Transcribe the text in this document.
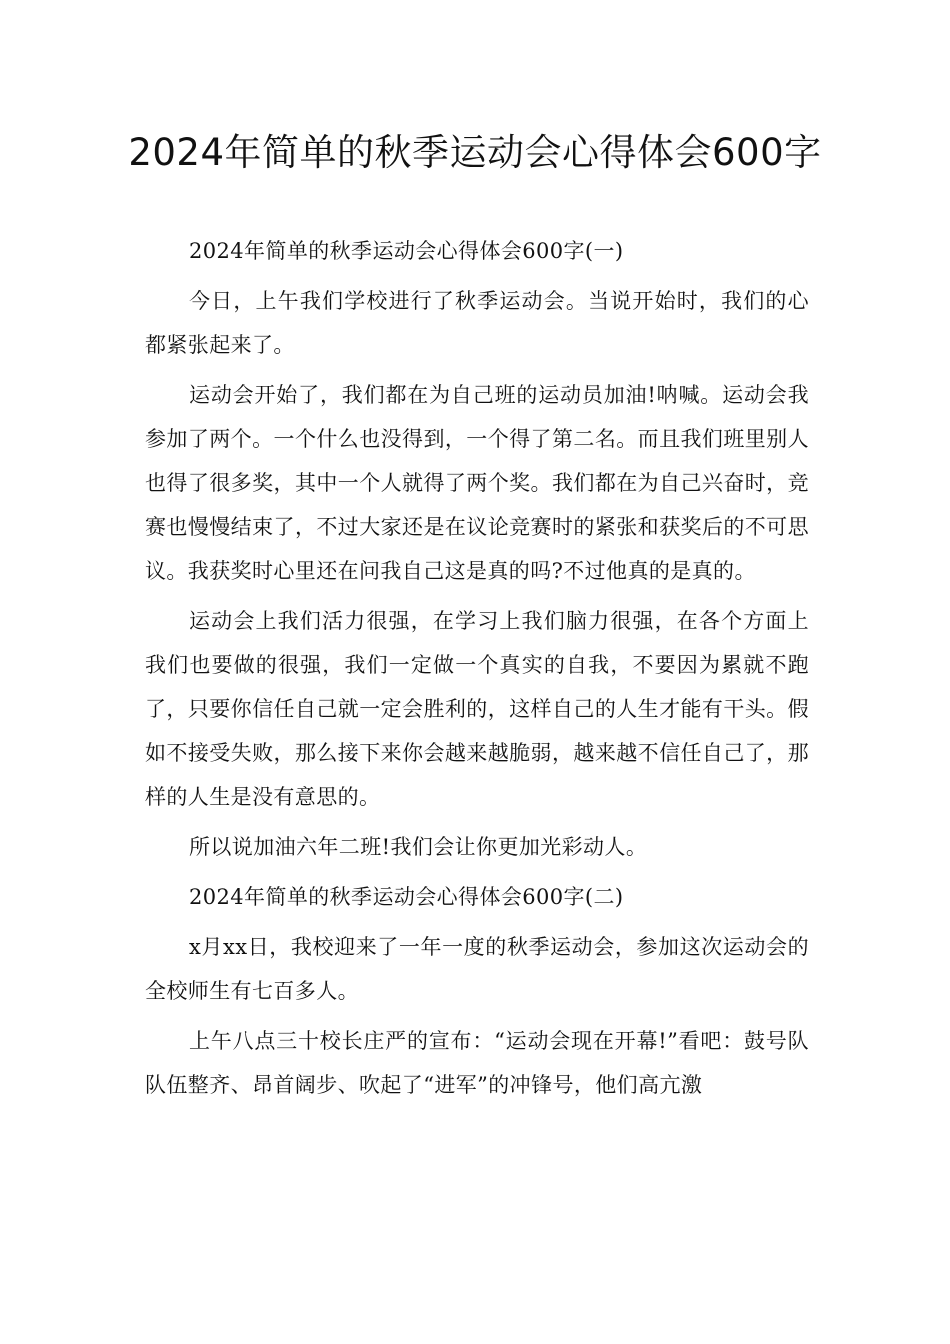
2024年简单的秋季运动会心得体会600字

2024年简单的秋季运动会心得体会600字(一)

今日，上午我们学校进行了秋季运动会。当说开始时，我们的心都紧张起来了。

运动会开始了，我们都在为自己班的运动员加油!呐喊。运动会我参加了两个。一个什么也没得到，一个得了第二名。而且我们班里别人也得了很多奖，其中一个人就得了两个奖。我们都在为自己兴奋时，竞赛也慢慢结束了，不过大家还是在议论竞赛时的紧张和获奖后的不可思议。我获奖时心里还在问我自己这是真的吗?不过他真的是真的。

运动会上我们活力很强，在学习上我们脑力很强，在各个方面上我们也要做的很强，我们一定做一个真实的自我，不要因为累就不跑了，只要你信任自己就一定会胜利的，这样自己的人生才能有干头。假如不接受失败，那么接下来你会越来越脆弱，越来越不信任自己了，那样的人生是没有意思的。

所以说加油六年二班!我们会让你更加光彩动人。

2024年简单的秋季运动会心得体会600字(二)

x月xx日，我校迎来了一年一度的秋季运动会，参加这次运动会的全校师生有七百多人。

上午八点三十校长庄严的宣布：“运动会现在开幕!”看吧：鼓号队队伍整齐、昂首阔步、吹起了“进军”的冲锋号，他们高亢激
